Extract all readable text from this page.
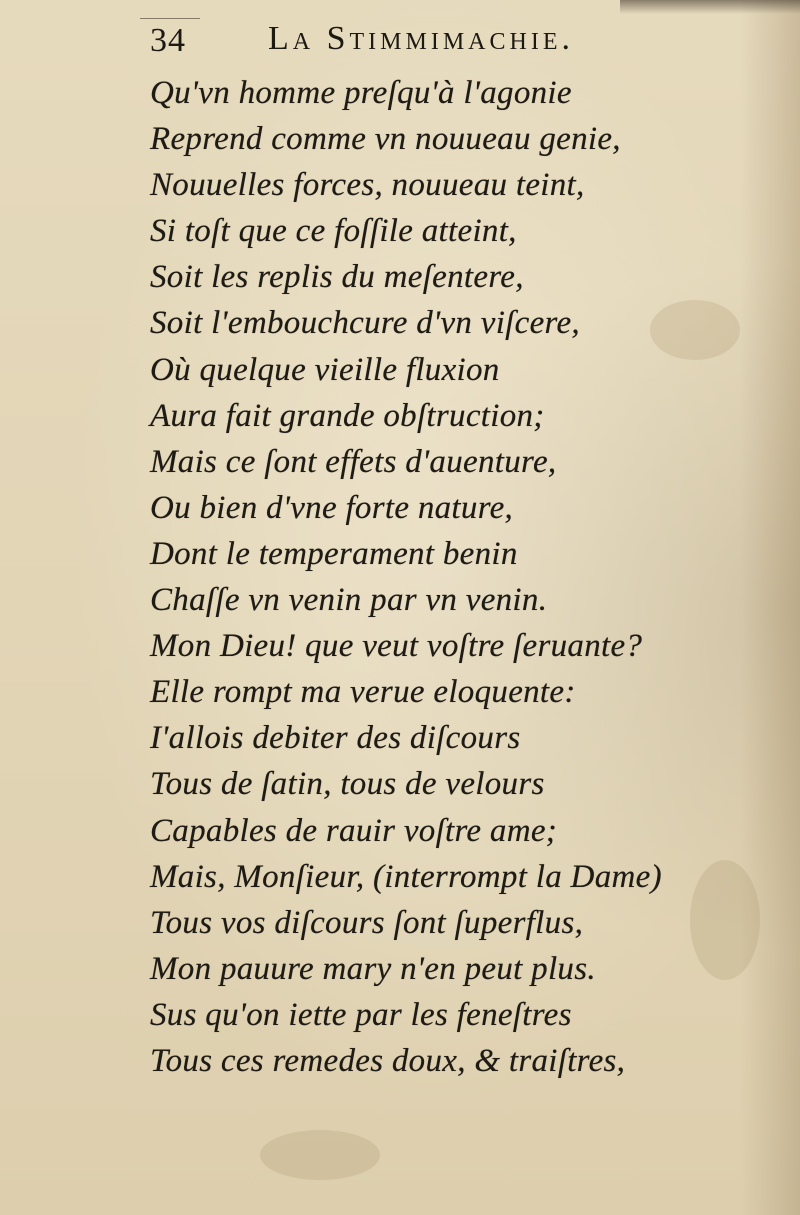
34 La Stimmimachie.
Qu'vn homme preſqu'à l'agonie
Reprend comme vn nouueau genie,
Nouuelles forces, nouueau teint,
Si toſt que ce foſſile atteint,
Soit les replis du meſentere,
Soit l'embouchcure d'vn viſcere,
Où quelque vieille fluxion
Aura fait grande obſtruction;
Mais ce ſont effets d'auenture,
Ou bien d'vne forte nature,
Dont le temperament benin
Chaſſe vn venin par vn venin.
Mon Dieu! que veut voſtre ſeruante?
Elle rompt ma verue eloquente:
I'allois debiter des diſcours
Tous de ſatin, tous de velours
Capables de rauir voſtre ame;
Mais, Monſieur, (interrompt la Dame)
Tous vos diſcours ſont ſuperflus,
Mon pauure mary n'en peut plus.
Sus qu'on iette par les feneſtres
Tous ces remedes doux, & traiſtres,
